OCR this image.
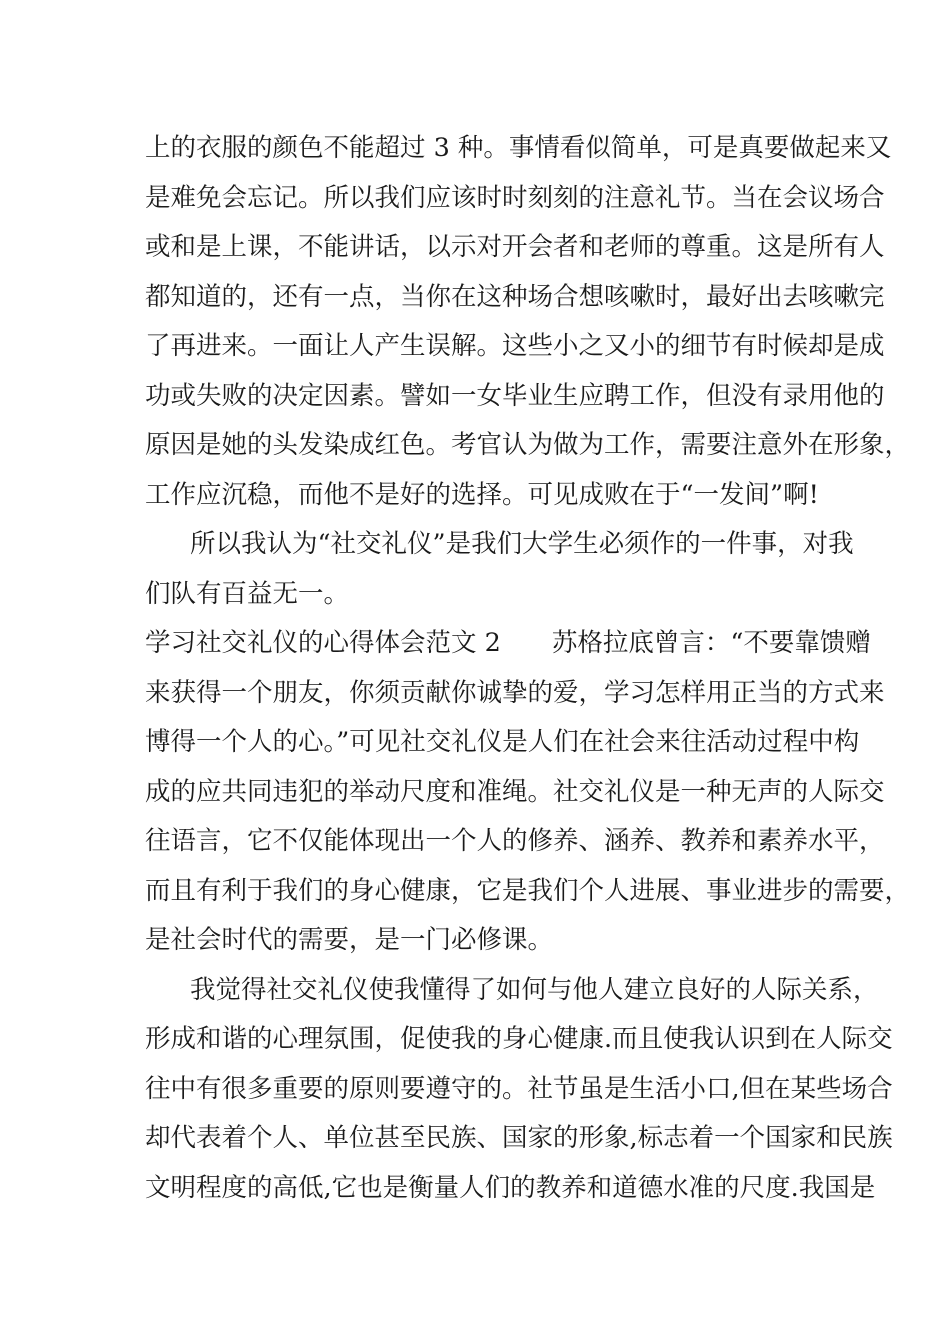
上的衣服的颜色不能超过 3 种。事情看似简单，可是真要做起来又
是难免会忘记。所以我们应该时时刻刻的注意礼节。当在会议场合
或和是上课，不能讲话，以示对开会者和老师的尊重。这是所有人
都知道的，还有一点，当你在这种场合想咳嗽时，最好出去咳嗽完
了再进来。一面让人产生误解。这些小之又小的细节有时候却是成
功或失败的决定因素。譬如一女毕业生应聘工作，但没有录用他的
原因是她的头发染成红色。考官认为做为工作，需要注意外在形象，
工作应沉稳，而他不是好的选择。可见成败在于“一发间”啊!
所以我认为“社交礼仪”是我们大学生必须作的一件事，对我
们队有百益无一。
学习社交礼仪的心得体会范文 2　　苏格拉底曾言：“不要靠馈赠
来获得一个朋友，你须贡献你诚挚的爱，学习怎样用正当的方式来
博得一个人的心。”可见社交礼仪是人们在社会来往活动过程中构
成的应共同违犯的举动尺度和准绳。社交礼仪是一种无声的人际交
往语言，它不仅能体现出一个人的修养、涵养、教养和素养水平，
而且有利于我们的身心健康，它是我们个人进展、事业进步的需要，
是社会时代的需要，是一门必修课。
我觉得社交礼仪使我懂得了如何与他人建立良好的人际关系，
形成和谐的心理氛围，促使我的身心健康.而且使我认识到在人际交
往中有很多重要的原则要遵守的。社节虽是生活小口,但在某些场合
却代表着个人、单位甚至民族、国家的形象,标志着一个国家和民族
文明程度的高低,它也是衡量人们的教养和道德水准的尺度.我国是
